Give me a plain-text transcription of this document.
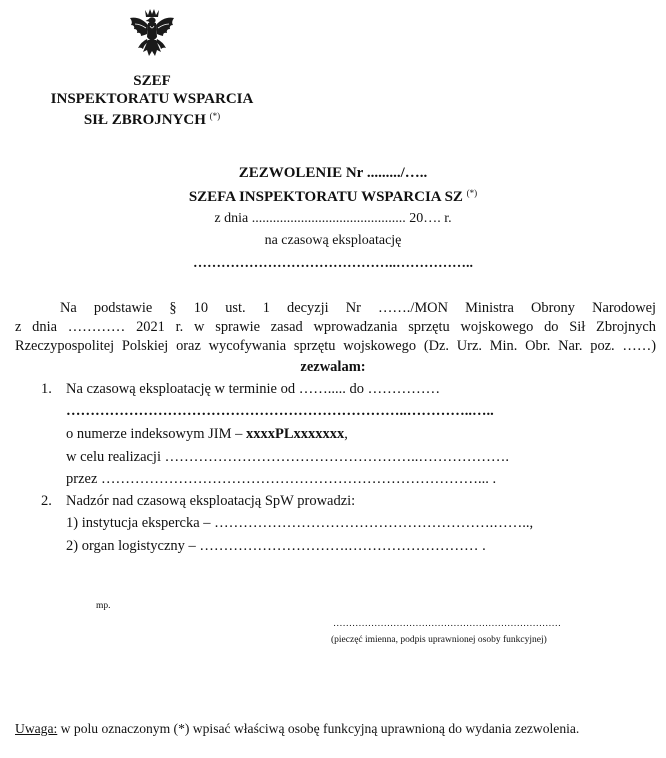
SZEF
INSPEKTORATU WSPARCIA
SIŁ ZBROJNYCH (*)
ZEZWOLENIE Nr ........./…..
SZEFA INSPEKTORATU WSPARCIA SZ (*)
z dnia ............................................ 20…. r.
na czasową eksploatację
……………………………………..……………..
Na podstawie § 10 ust. 1 decyzji Nr ……./MON Ministra Obrony Narodowej
z dnia ………… 2021 r. w sprawie zasad wprowadzania sprzętu wojskowego do Sił Zbrojnych
Rzeczypospolitej Polskiej oraz wycofywania sprzętu wojskowego (Dz. Urz. Min. Obr. Nar. poz. ……)
zezwalam:
1. Na czasową eksploatację w terminie od ……..... do ……………
……………………………………………………………..…………..…..
o numerze indeksowym JIM – xxxxPLxxxxxxx,
w celu realizacji ……………………………………………..……………….
przez ……………………………………………………………………... .
2. Nadzór nad czasową eksploatacją SpW prowadzi:
1) instytucja ekspercka – ………………………………………………….……..,
2) organ logistyczny – ………………………….……………………… .
mp.
………………………………………………………………
(pieczęć imienna, podpis uprawnionej osoby funkcyjnej)
Uwaga: w polu oznaczonym (*) wpisać właściwą osobę funkcyjną uprawnioną do wydania zezwolenia.
